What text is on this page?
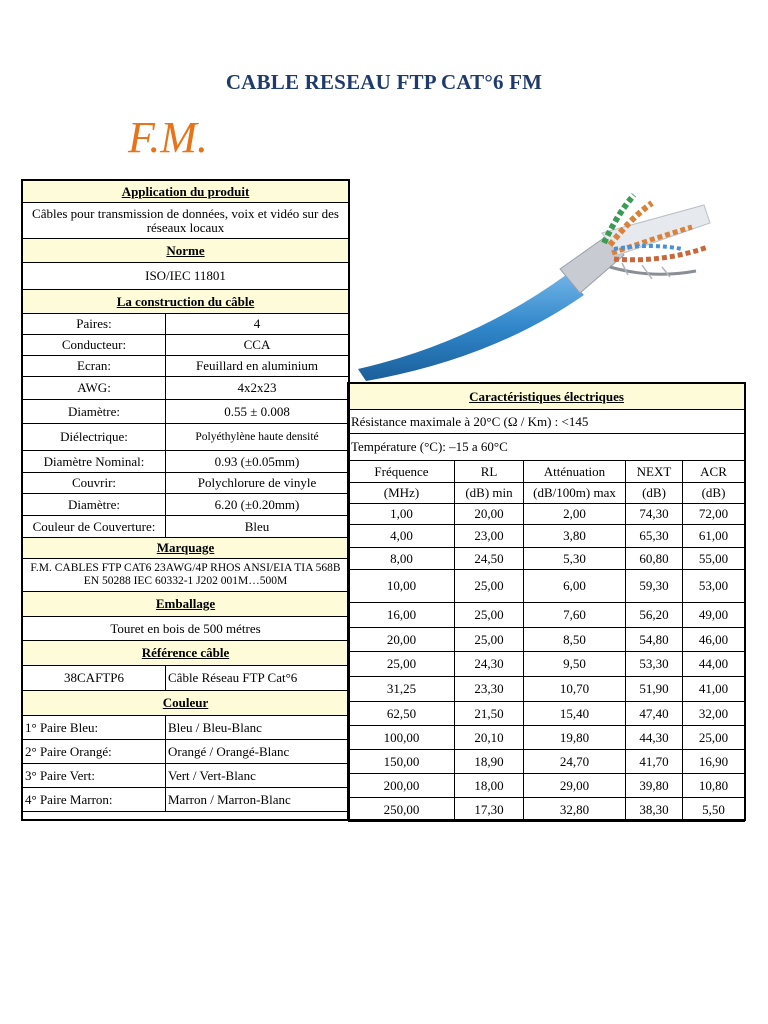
CABLE RESEAU FTP CAT°6 FM
F.M.
Application du produit	
Câbles pour transmission de données, voix et vidéo sur des réseaux locaux	
Norme	
ISO/IEC 11801	
La construction du câble	
Paires:	4
Conducteur:	CCA
Ecran:	Feuillard en aluminium
AWG:	4x2x23
Diamètre:	0.55 ± 0.008
Diélectrique:	Polyéthylène haute densité
Diamètre Nominal:	0.93 (±0.05mm)
Couvrir:	Polychlorure de vinyle
Diamètre:	6.20 (±0.20mm)
Couleur de Couverture:	Bleu
Marquage	
F.M. CABLES FTP CAT6 23AWG/4P RHOS ANSI/EIA TIA 568B EN 50288 IEC 60332-1 J202 001M…500M	
Emballage	
Touret en bois de 500 métres	
Référence câble	
38CAFTP6	Câble Réseau FTP Cat°6
Couleur	
1° Paire Bleu:	Bleu / Bleu-Blanc
2° Paire Orangé:	Orangé / Orangé-Blanc
3° Paire Vert:	Vert / Vert-Blanc
4° Paire Marron:	Marron / Marron-Blanc
Caractéristiques électriques				
Résistance maximale à 20°C (Ω / Km) : <145				
Température (°C): –15 a 60°C				
Fréquence	RL	Atténuation	NEXT	ACR
(MHz)	(dB) min	(dB/100m) max	(dB)	(dB)
1,00	20,00	2,00	74,30	72,00
4,00	23,00	3,80	65,30	61,00
8,00	24,50	5,30	60,80	55,00
10,00	25,00	6,00	59,30	53,00
16,00	25,00	7,60	56,20	49,00
20,00	25,00	8,50	54,80	46,00
25,00	24,30	9,50	53,30	44,00
31,25	23,30	10,70	51,90	41,00
62,50	21,50	15,40	47,40	32,00
100,00	20,10	19,80	44,30	25,00
150,00	18,90	24,70	41,70	16,90
200,00	18,00	29,00	39,80	10,80
250,00	17,30	32,80	38,30	5,50
